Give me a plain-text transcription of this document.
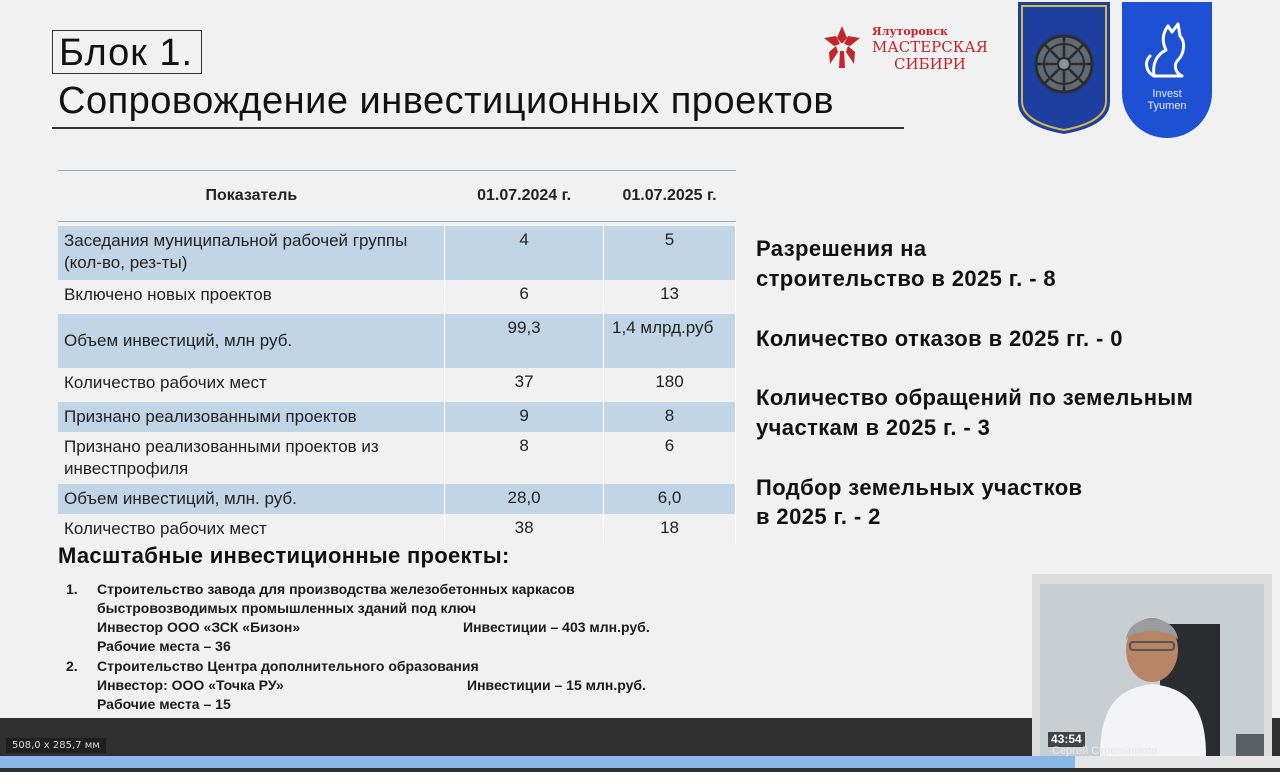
Блок 1.
Сопровождение инвестиционных проектов
Ялуторовск
МАСТЕРСКАЯ
СИБИРИ
Invest
Tyumen
Показатель	01.07.2024 г.	01.07.2025 г.

Заседания муниципальной рабочей группы (кол-во, рез-ты)	4	5
Включено новых проектов	6	13
Объем инвестиций, млн руб.	99,3	1,4 млрд.руб
Количество рабочих мест	37	180
Признано реализованными проектов	9	8
Признано реализованными проектов из инвестпрофиля	8	6
Объем инвестиций, млн. руб.	28,0	6,0
Количество рабочих мест	38	18
Разрешения на
строительство в 2025 г. - 8
Количество отказов в 2025 гг. - 0
Количество обращений по земельным
участкам в 2025 г. - 3
Подбор земельных участков
в 2025 г. - 2
Масштабные инвестиционные проекты:
1. Строительство завода для производства железобетонных каркасов
быстровозводимых промышленных зданий под ключ
Инвестор ООО «ЗСК «Бизон»	Инвестиции – 403 млн.руб.
Рабочие места – 36
2. Строительство Центра дополнительного образования
Инвестор: ООО «Точка РУ»	Инвестиции – 15 млн.руб.
Рабочие места – 15
508,0 x 285,7 мм	43:54
Сергей Стрельников
